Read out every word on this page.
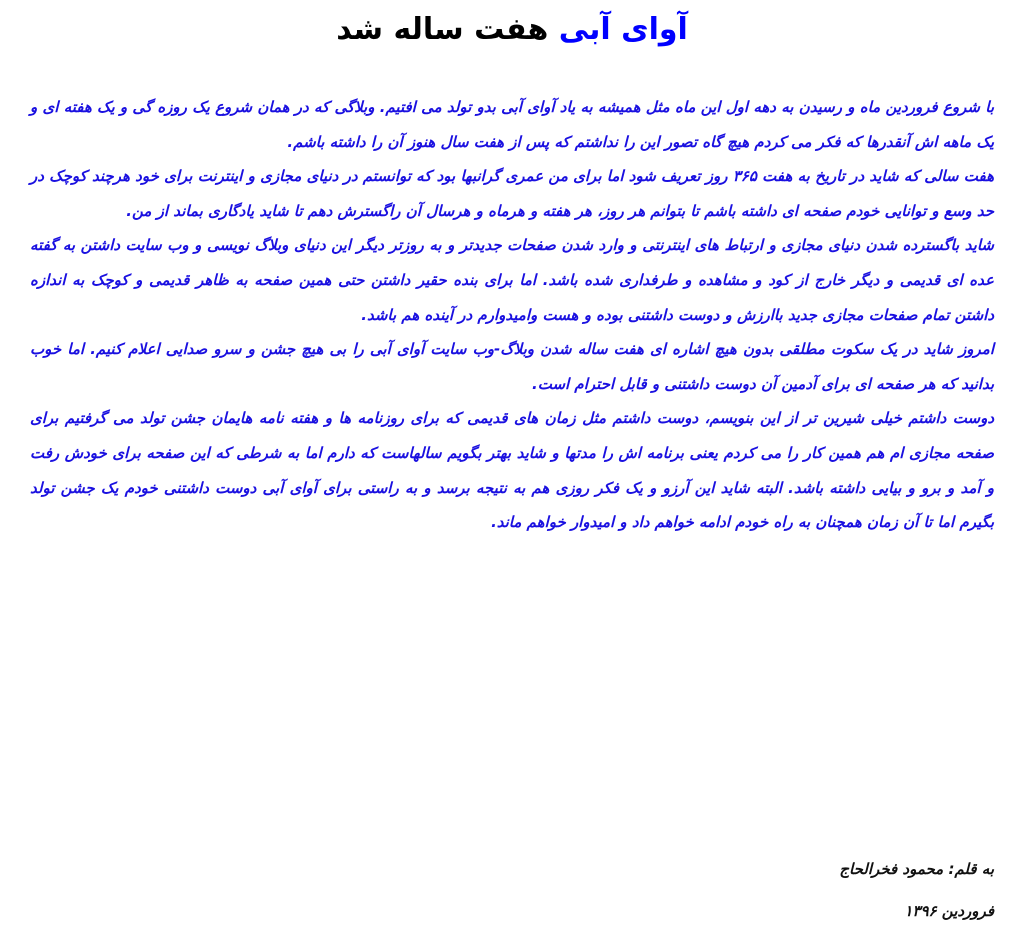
آوای آبی هفت ساله شد

با شروع فروردین ماه و رسیدن به دهه اول این ماه مثل همیشه به یاد آوای آبی بدو تولد می افتیم. وبلاگی که در همان شروع یک روزه گی و یک هفته ای و یک ماهه اش آنقدرها که فکر می کردم هیچ گاه تصور این را نداشتم که پس از هفت سال هنوز آن را داشته باشم.

هفت سالی که شاید در تاریخ به هفت ۳۶۵ روز تعریف شود اما برای من عمری گرانبها بود که توانستم در دنیای مجازی و اینترنت برای خود هرچند کوچک در حد وسع و توانایی خودم صفحه ای داشته باشم تا بتوانم هر روز، هر هفته و هرماه و هرسال آن راگسترش دهم تا شاید یادگاری بماند از من.

شاید باگسترده شدن دنیای مجازی و ارتباط های اینترنتی و وارد شدن صفحات جدیدتر و به روزتر دیگر این دنیای وبلاگ نویسی و وب سایت داشتن به گفته عده ای قدیمی و دیگر خارج از کود و مشاهده و طرفداری شده باشد. اما برای بنده حقیر داشتن حتی همین صفحه به ظاهر قدیمی و کوچک به اندازه داشتن تمام صفحات مجازی جدید باارزش و دوست داشتنی بوده و هست وامیدوارم در آینده هم باشد.

امروز شاید در یک سکوت مطلقی بدون هیچ اشاره ای هفت ساله شدن وبلاگ-وب سایت آوای آبی را بی هیچ جشن و سرو صدایی اعلام کنیم. اما خوب بدانید که هر صفحه ای برای آدمین آن دوست داشتنی و قابل احترام است.

دوست داشتم خیلی شیرین تر از این بنویسم، دوست داشتم مثل زمان های قدیمی که برای روزنامه ها و هفته نامه هایمان جشن تولد می گرفتیم برای صفحه مجازی ام هم همین کار را می کردم یعنی برنامه اش را مدتها و شاید بهتر بگویم سالهاست که دارم اما به شرطی که این صفحه برای خودش رفت و آمد و برو و بیایی داشته باشد. البته شاید این آرزو و یک فکر روزی هم به نتیجه برسد و به راستی برای آوای آبی دوست داشتنی خودم یک جشن تولد بگیرم اما تا آن زمان همچنان به راه خودم ادامه خواهم داد و امیدوار خواهم ماند.

به قلم: محمود فخرالحاج

فروردین ۱۳۹۶
